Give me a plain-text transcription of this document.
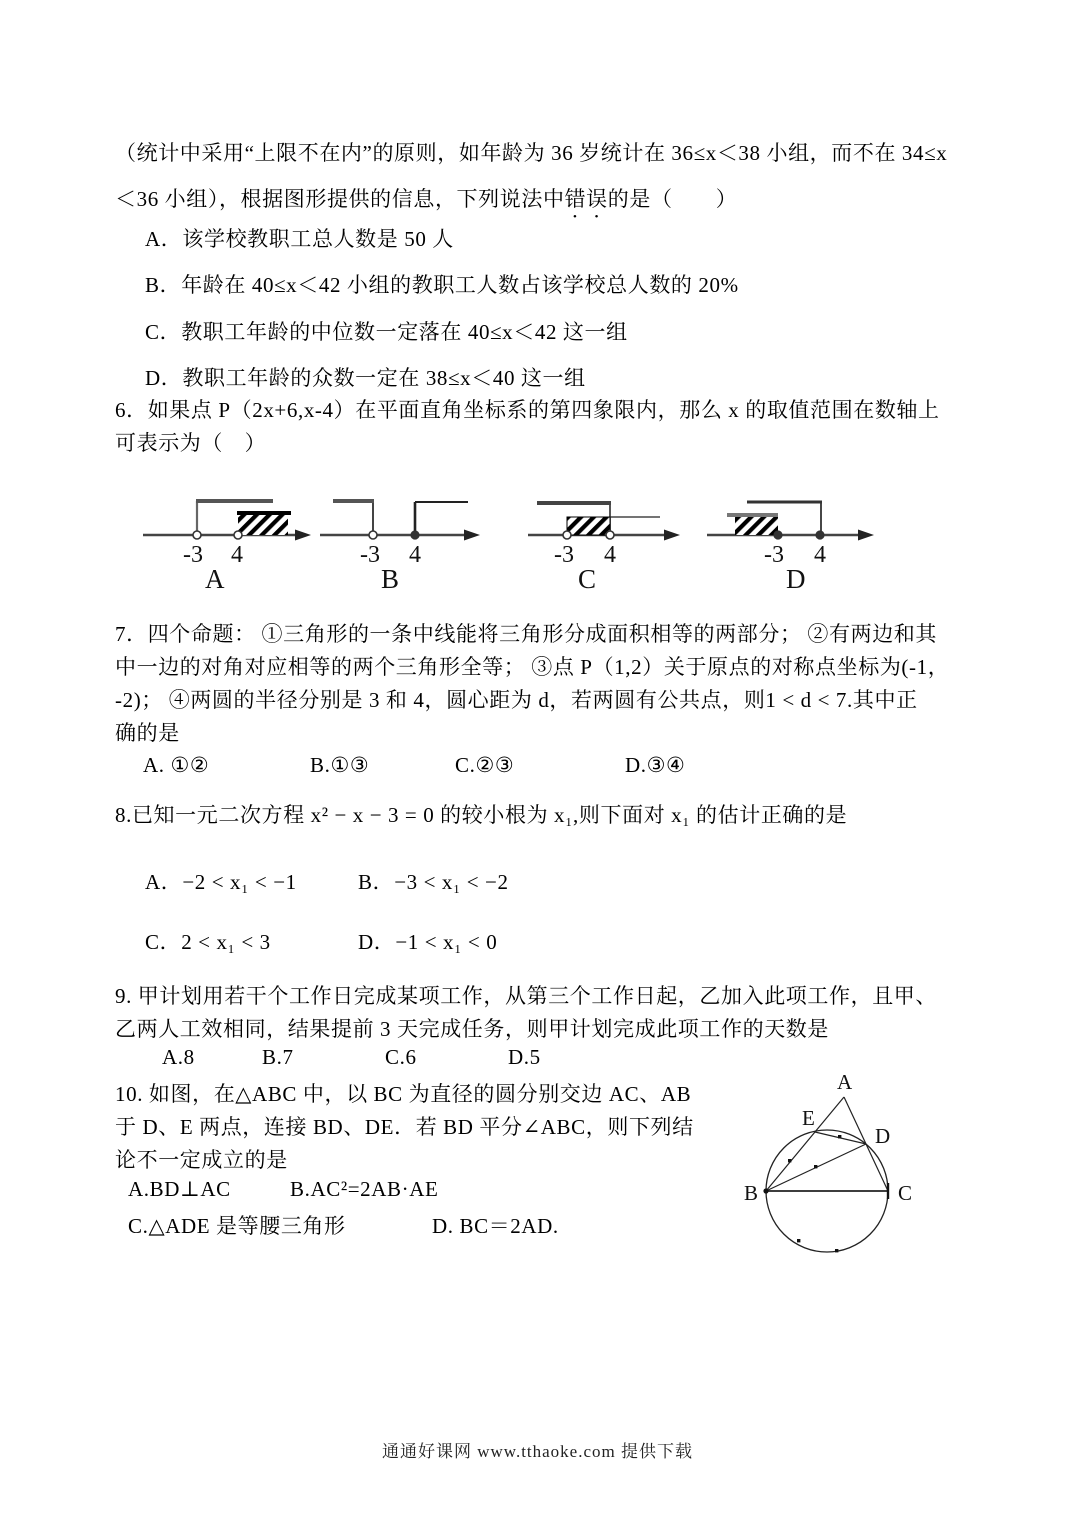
（统计中采用“上限不在内”的原则，如年龄为 36 岁统计在 36≤x＜38 小组，而不在 34≤x
＜36 小组），根据图形提供的信息，下列说法中错误的是（　　）
A．该学校教职工总人数是 50 人
B．年龄在 40≤x＜42 小组的教职工人数占该学校总人数的 20%
C．教职工年龄的中位数一定落在 40≤x＜42 这一组
D．教职工年龄的众数一定在 38≤x＜40 这一组
6．如果点 P（2x+6,x-4）在平面直角坐标系的第四象限内，那么 x 的取值范围在数轴上
可表示为（　）
-3 4
A
-3 4
B
-3 4
C
-3 4
D
7．四个命题： ①三角形的一条中线能将三角形分成面积相等的两部分； ②有两边和其
中一边的对角对应相等的两个三角形全等； ③点 P（1,2）关于原点的对称点坐标为(-1，
-2)； ④两圆的半径分别是 3 和 4，圆心距为 d，若两圆有公共点，则1 < d < 7.其中正
确的是
A. ①②	B.①③	C.②③	D.③④
8.已知一元二次方程 x² − x − 3 = 0 的较小根为 x₁,则下面对 x₁ 的估计正确的是
A．−2 < x₁ < −1	B．−3 < x₁ < −2
C．2 < x₁ < 3	D．−1 < x₁ < 0
9. 甲计划用若干个工作日完成某项工作，从第三个工作日起，乙加入此项工作，且甲、
乙两人工效相同，结果提前 3 天完成任务，则甲计划完成此项工作的天数是
A.8	B.7	C.6	D.5
10. 如图，在△ABC 中，以 BC 为直径的圆分别交边 AC、AB
于 D、E 两点，连接 BD、DE．若 BD 平分∠ABC，则下列结
论不一定成立的是
A.BD⊥AC	B.AC²=2AB·AE
C.△ADE 是等腰三角形	D. BC＝2AD.
A
E
D
B	C
通通好课网 www.tthaoke.com 提供下载
